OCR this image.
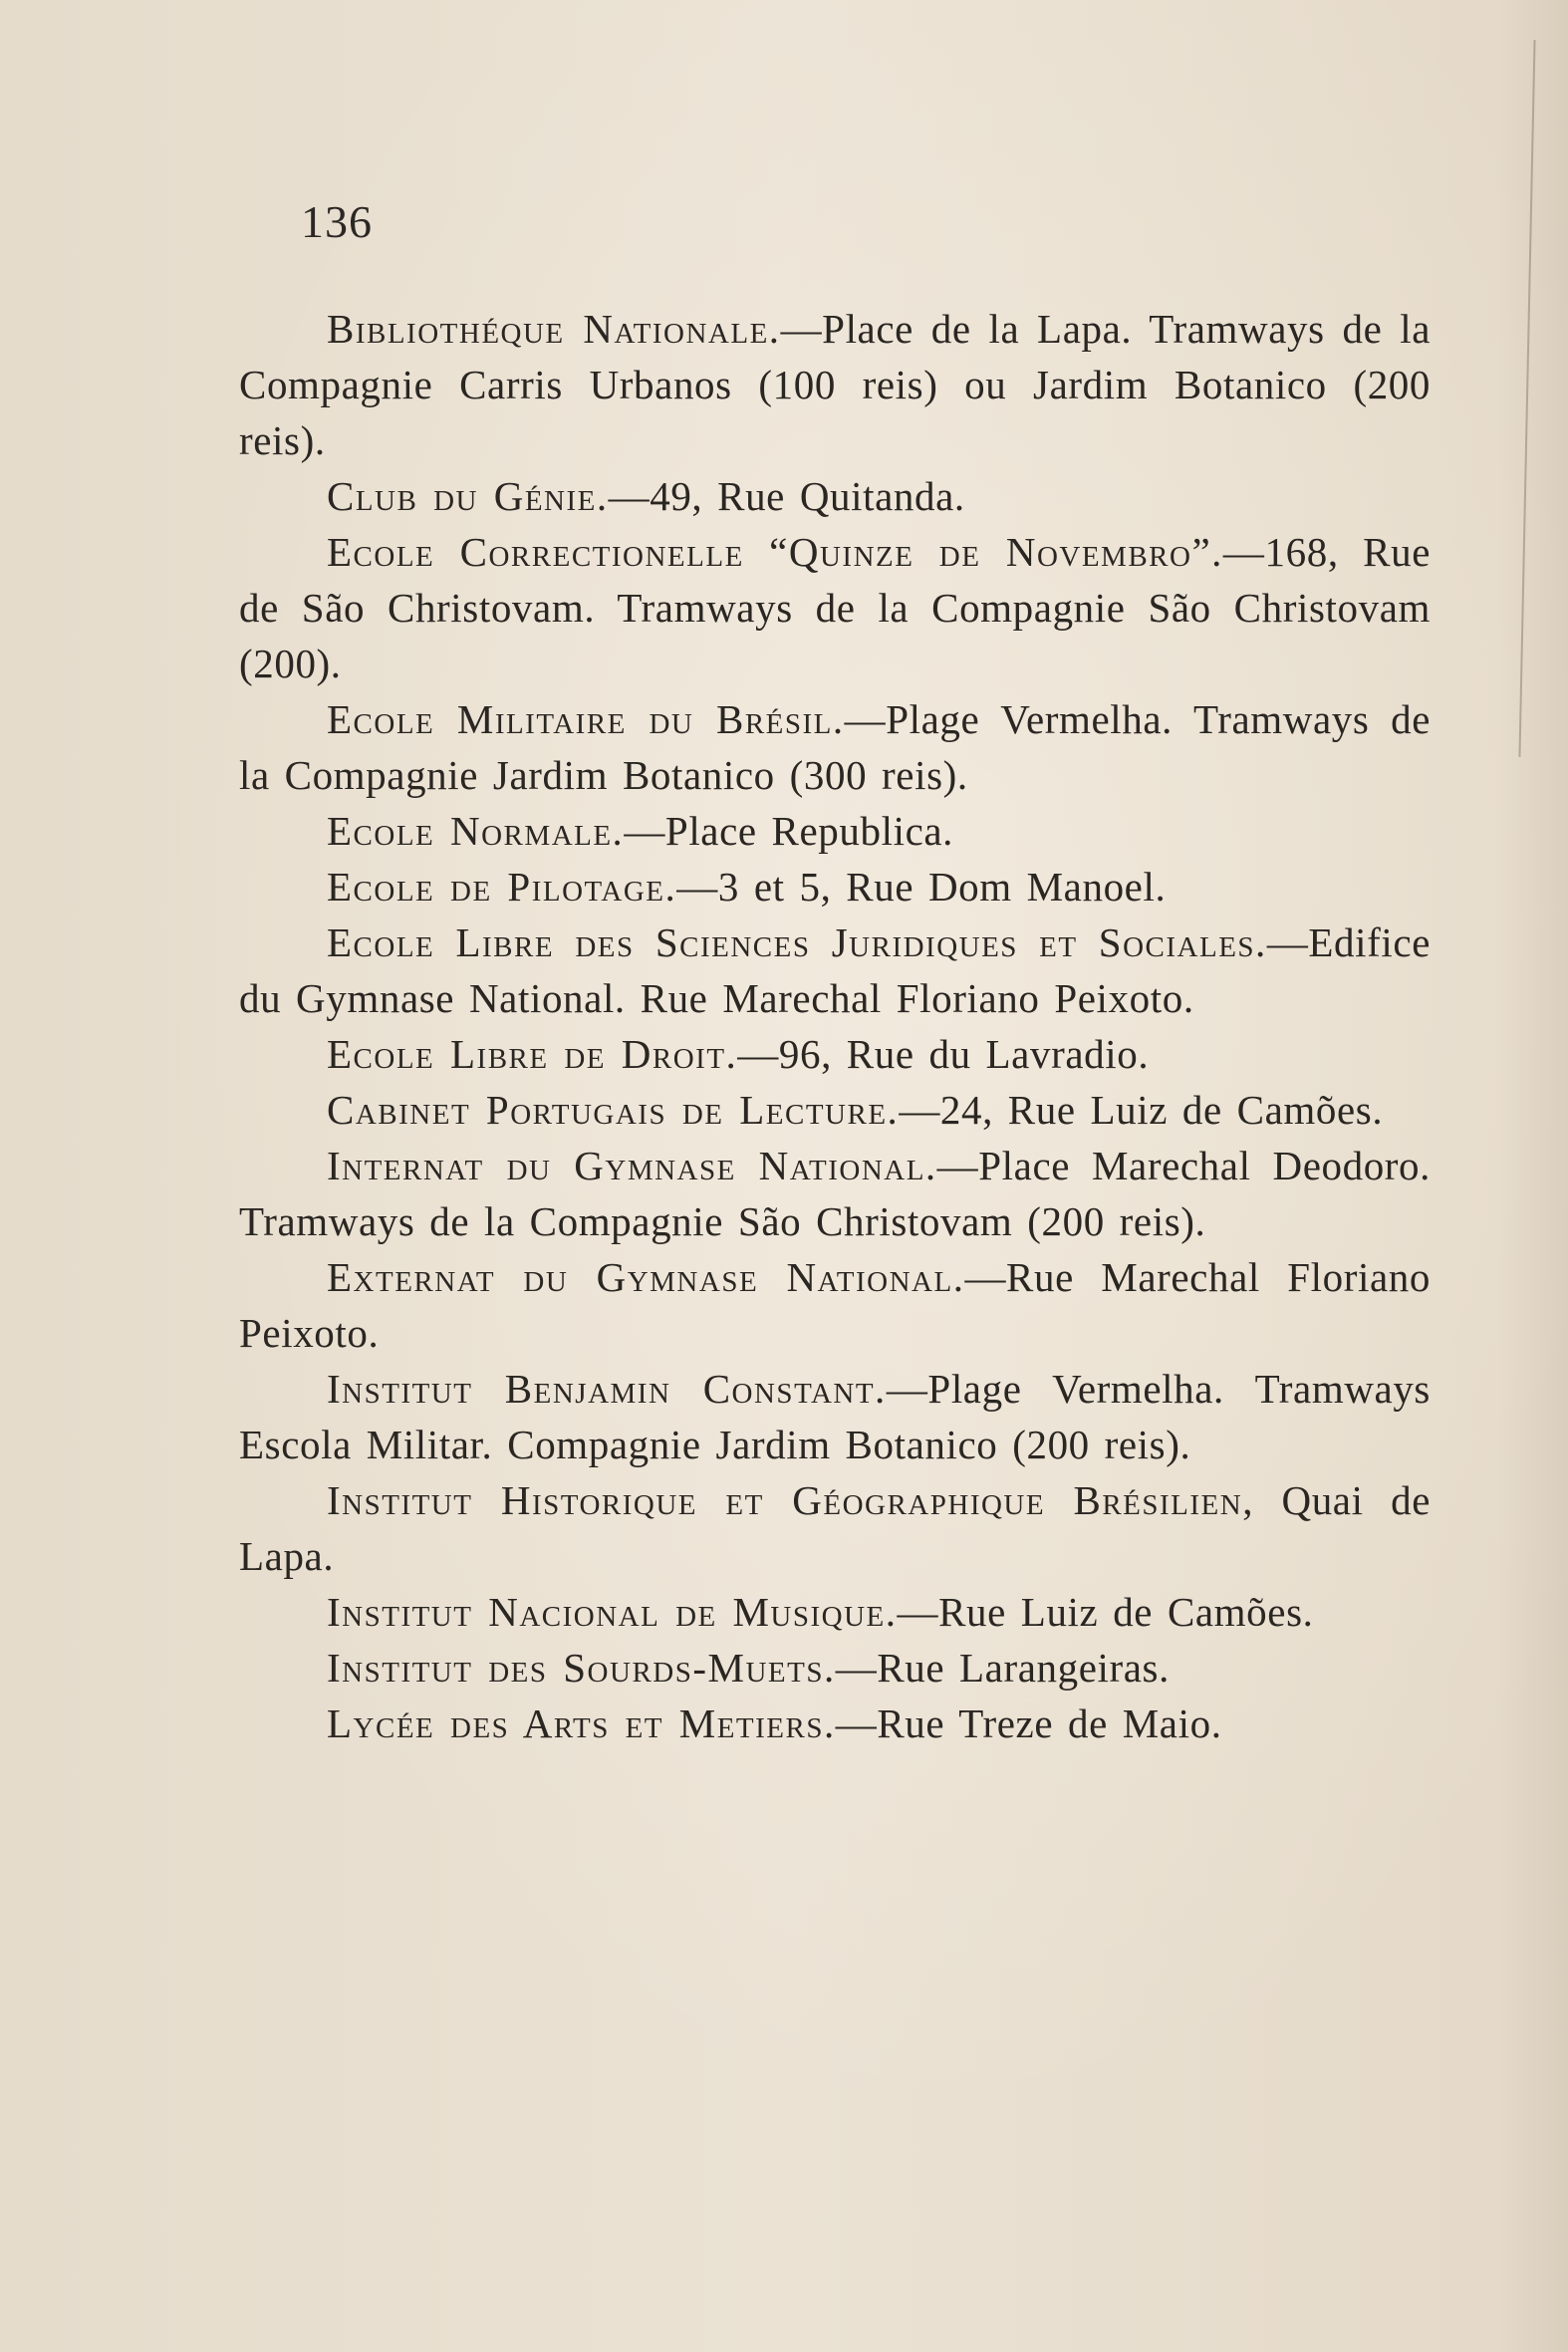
136

Bibliothéque Nationale.—Place de la Lapa. Tramways de la Compagnie Carris Urbanos (100 reis) ou Jardim Botanico (200 reis).

Club du Génie.—49, Rue Quitanda.

Ecole Correctionelle “Quinze de Novembro”.—168, Rue de São Christovam. Tramways de la Compagnie São Christovam (200).

Ecole Militaire du Brésil.—Plage Vermelha. Tramways de la Compagnie Jardim Botanico (300 reis).

Ecole Normale.—Place Republica.

Ecole de Pilotage.—3 et 5, Rue Dom Manoel.

Ecole Libre des Sciences Juridiques et Sociales.—Edifice du Gymnase National. Rue Marechal Floriano Peixoto.

Ecole Libre de Droit.—96, Rue du Lavradio.

Cabinet Portugais de Lecture.—24, Rue Luiz de Camões.

Internat du Gymnase National.—Place Marechal Deodoro. Tramways de la Compagnie São Christovam (200 reis).

Externat du Gymnase National.—Rue Marechal Floriano Peixoto.

Institut Benjamin Constant.—Plage Vermelha. Tramways Escola Militar. Compagnie Jardim Botanico (200 reis).

Institut Historique et Géographique Brésilien, Quai de Lapa.

Institut Nacional de Musique.—Rue Luiz de Camões.

Institut des Sourds-Muets.—Rue Larangeiras.

Lycée des Arts et Metiers.—Rue Treze de Maio.
